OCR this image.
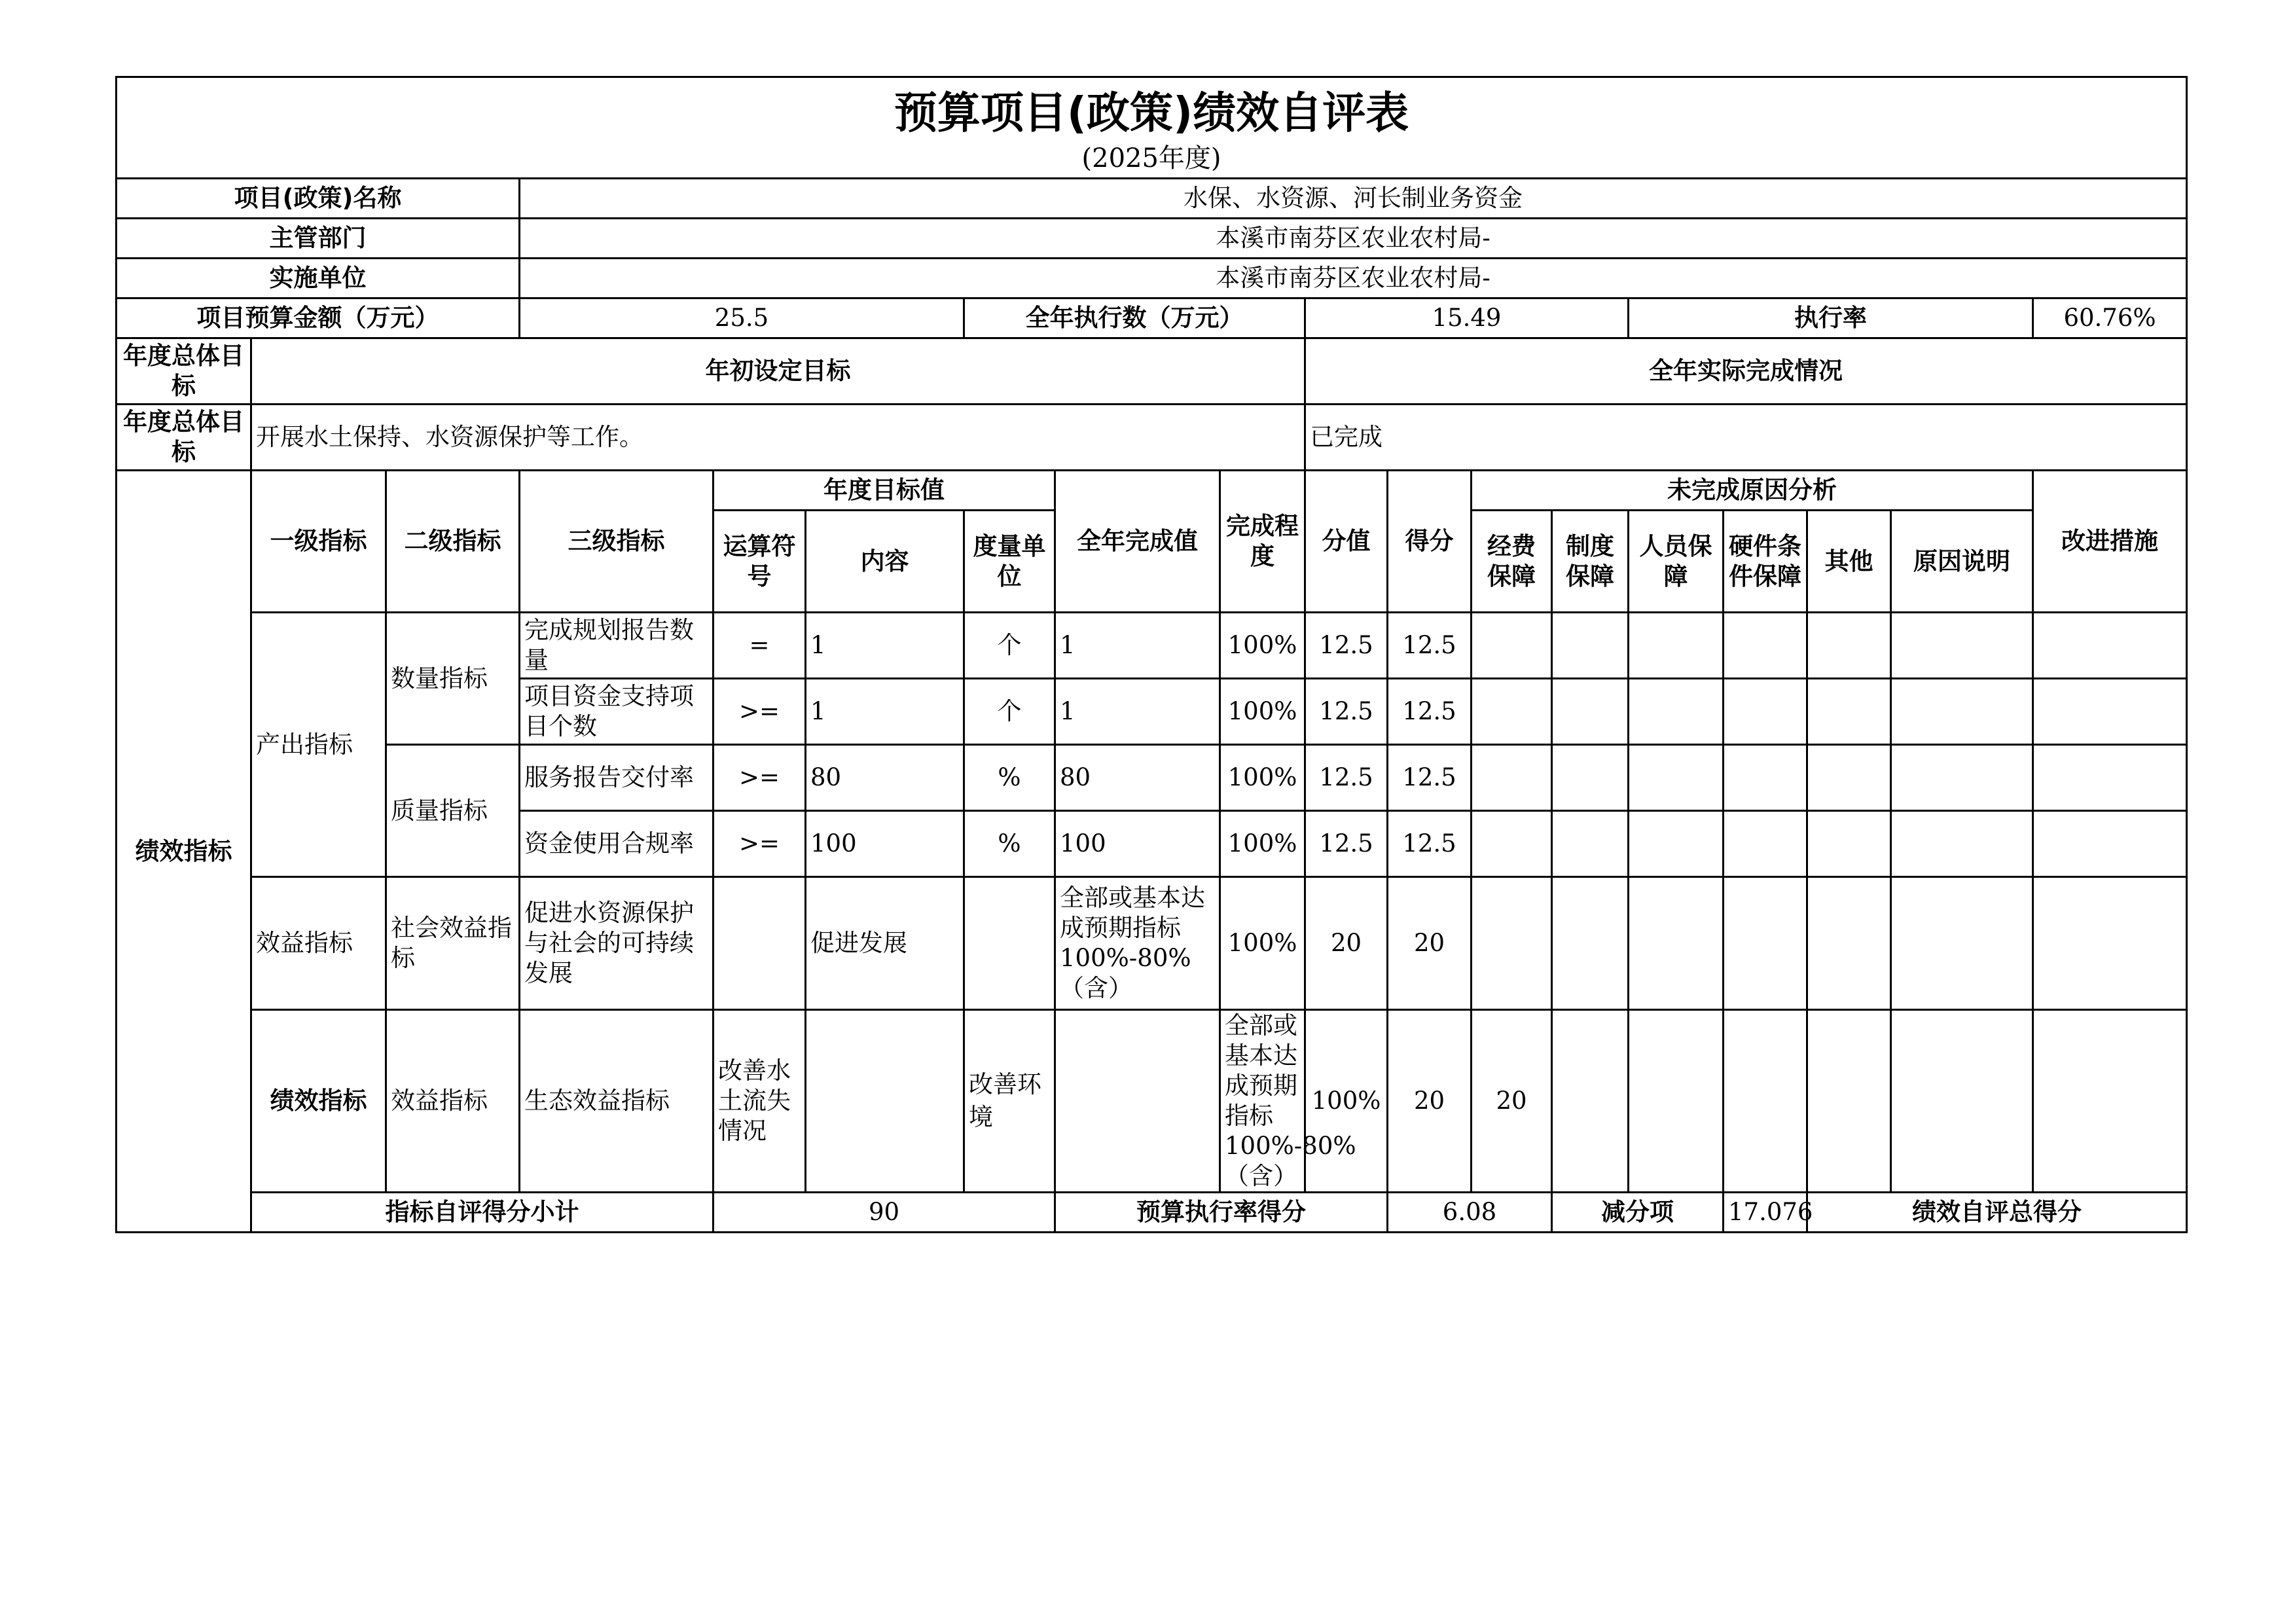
预算项目(政策)绩效自评表																		
(2025年度)																		
项目(政策)名称			水保、水资源、河长制业务资金															
主管部门			本溪市南芬区农业农村局-															
实施单位			本溪市南芬区农业农村局-															
项目预算金额（万元）			25.5			全年执行数（万元）			15.49				执行率				60.76%	
年度总体目标	年初设定目标								全年实际完成情况									
年度总体目标	开展水土保持、水资源保护等工作。								已完成									
绩效指标	一级指标	二级指标	三级指标	年度目标值			全年完成值	完成程度	分值	得分	未完成原因分析						改进措施	
				运算符号	内容	度量单位					经费保障	制度保障	人员保障	硬件条件保障	其他	原因说明		
	产出指标	数量指标	完成规划报告数量	=	1	个	1	100%	12.5	12.5								
			项目资金支持项目个数	>=	1	个	1	100%	12.5	12.5								
		质量指标	服务报告交付率	>=	80	%	80	100%	12.5	12.5								
			资金使用合规率	>=	100	%	100	100%	12.5	12.5								
	效益指标	社会效益指标	促进水资源保护与社会的可持续发展		促进发展		全部或基本达成预期指标100%-80%（含）	100%	20	20								
	绩效指标	效益指标	生态效益指标	改善水土流失情况		改善环境		全部或基本达成预期指标100%-80%（含）	100%	20	20							
	指标自评得分小计			90			预算执行率得分			6.08		减分项		17.076	绩效自评总得分	
